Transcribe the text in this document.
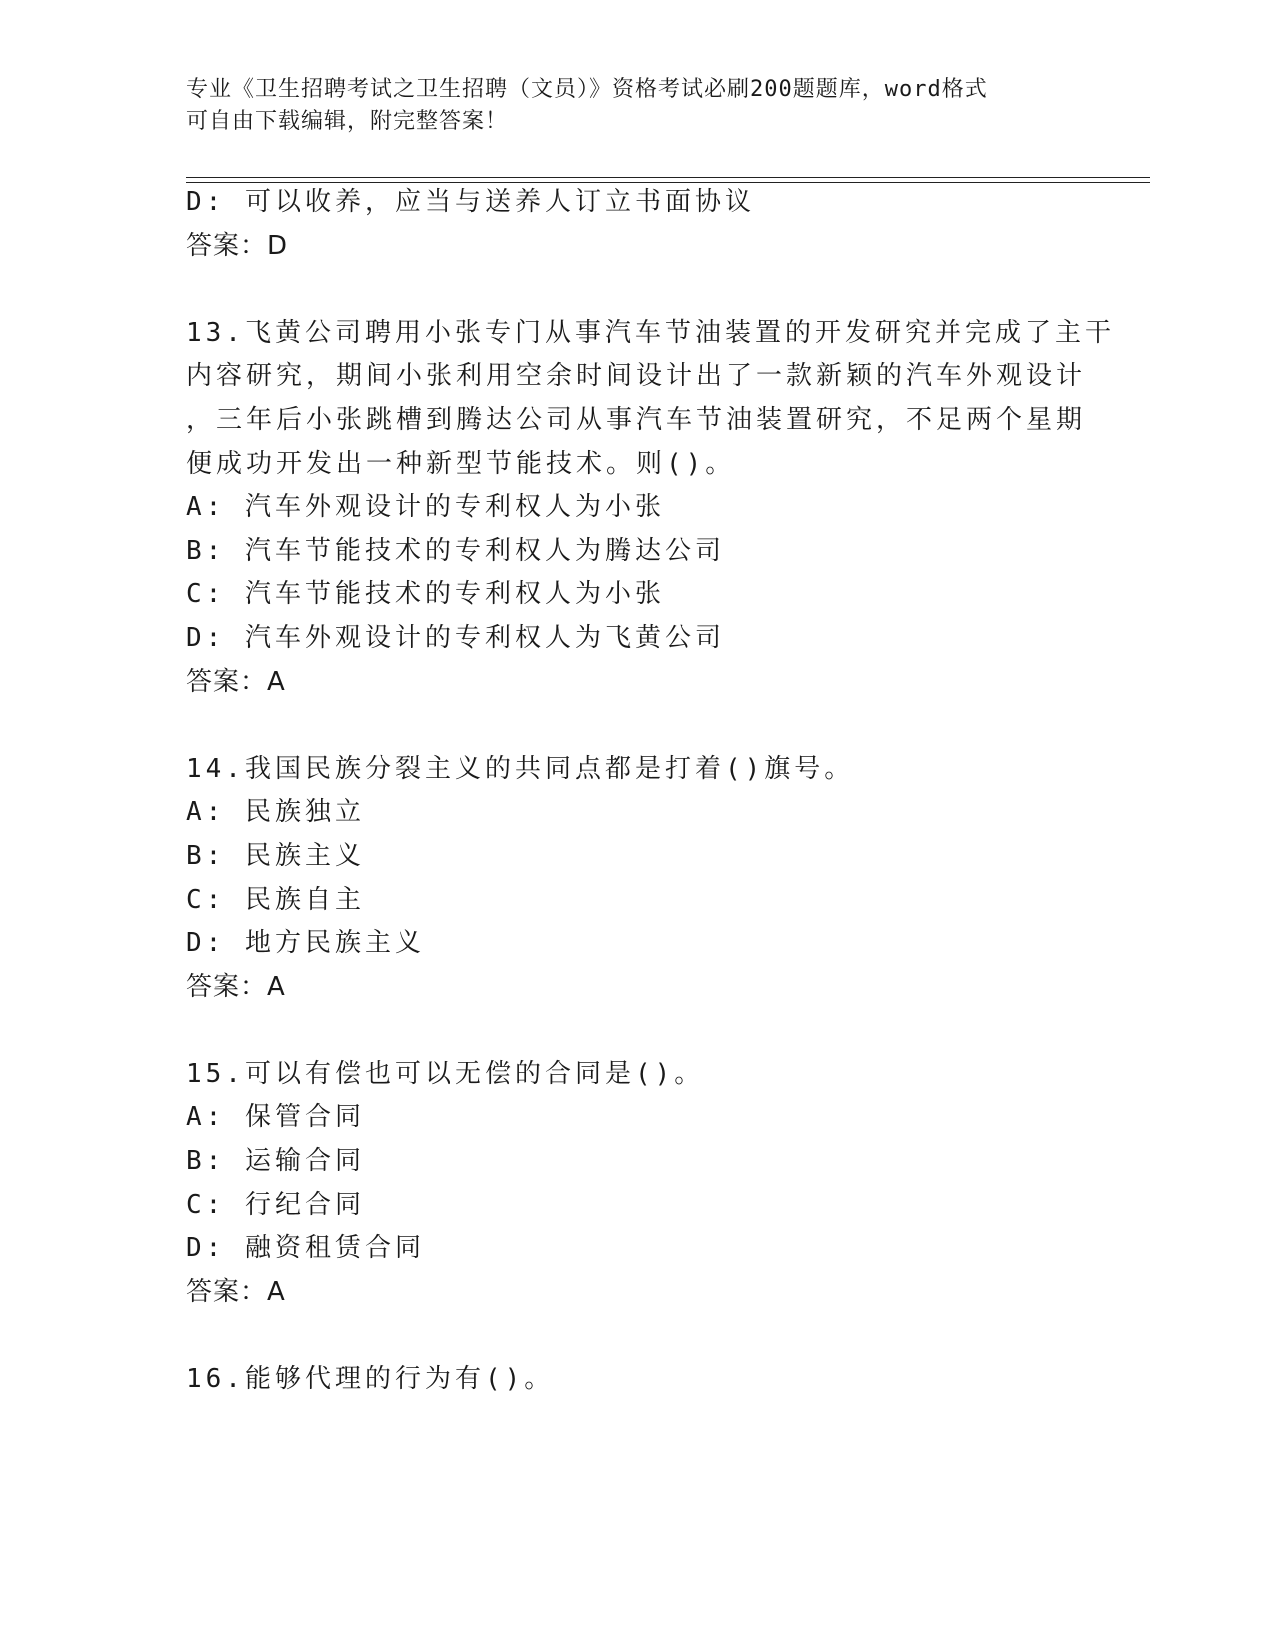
专业《卫生招聘考试之卫生招聘（文员）》资格考试必刷200题题库，word格式
可自由下载编辑，附完整答案！
D: 可以收养，应当与送养人订立书面协议
答案：D
13.飞黄公司聘用小张专门从事汽车节油装置的开发研究并完成了主干
内容研究，期间小张利用空余时间设计出了一款新颖的汽车外观设计
，三年后小张跳槽到腾达公司从事汽车节油装置研究，不足两个星期
便成功开发出一种新型节能技术。则()。
A: 汽车外观设计的专利权人为小张
B: 汽车节能技术的专利权人为腾达公司
C: 汽车节能技术的专利权人为小张
D: 汽车外观设计的专利权人为飞黄公司
答案：A
14.我国民族分裂主义的共同点都是打着()旗号。
A: 民族独立
B: 民族主义
C: 民族自主
D: 地方民族主义
答案：A
15.可以有偿也可以无偿的合同是()。
A: 保管合同
B: 运输合同
C: 行纪合同
D: 融资租赁合同
答案：A
16.能够代理的行为有()。
